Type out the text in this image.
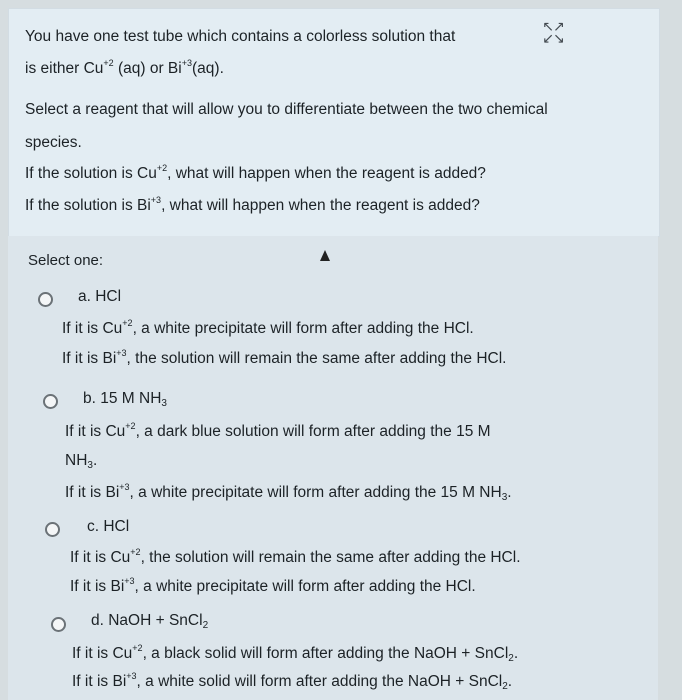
↖↗
↙↘
You have one test tube which contains a colorless solution that
is either $Cu^{+2}$ (aq) or $Bi^{+3}(aq)$.
Select a reagent that will allow you to differentiate between the two chemical
species.
If the solution is $Cu^{+2}$, what will happen when the reagent is added?
If the solution is $Bi^{+3}$, what will happen when the reagent is added?
Select one:
a. HCl
If it is $Cu^{+2}$, a white precipitate will form after adding the HCl.
If it is $Bi^{+3}$, the solution will remain the same after adding the HCl.
b. 15 M $NH_3$
If it is $Cu^{+2}$, a dark blue solution will form after adding the 15 M
$NH_3$.
If it is $Bi^{+3}$, a white precipitate will form after adding the 15 M $NH_3$.
c. HCl
If it is $Cu^{+2}$, the solution will remain the same after adding the HCl.
If it is $Bi^{+3}$, a white precipitate will form after adding the HCl.
d. NaOH + SnCl$_2$
If it is $Cu^{+2}$, a black solid will form after adding the NaOH + SnCl$_2$.
If it is $Bi^{+3}$, a white solid will form after adding the NaOH + SnCl$_2$.
